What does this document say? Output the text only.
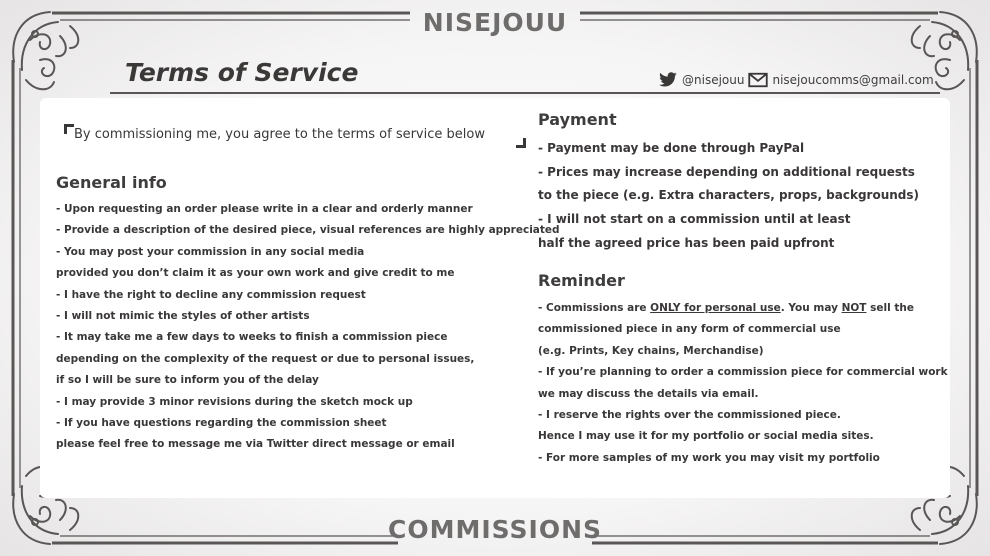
NISEJOUU
Terms of Service	@nisejouu nisejoucomms@gmail.com
By commissioning me, you agree to the terms of service below
General info
- Upon requesting an order please write in a clear and orderly manner
- Provide a description of the desired piece, visual references are highly appreciated
- You may post your commission in any social media
provided you don’t claim it as your own work and give credit to me
- I have the right to decline any commission request
- I will not mimic the styles of other artists
- It may take me a few days to weeks to finish a commission piece
depending on the complexity of the request or due to personal issues,
if so I will be sure to inform you of the delay
- I may provide 3 minor revisions during the sketch mock up
- If you have questions regarding the commission sheet
please feel free to message me via Twitter direct message or email
Payment
- Payment may be done through PayPal
- Prices may increase depending on additional requests
to the piece (e.g. Extra characters, props, backgrounds)
- I will not start on a commission until at least
half the agreed price has been paid upfront
Reminder
- Commissions are ONLY for personal use. You may NOT sell the
commissioned piece in any form of commercial use
(e.g. Prints, Key chains, Merchandise)
- If you’re planning to order a commission piece for commercial work
we may discuss the details via email.
- I reserve the rights over the commissioned piece.
Hence I may use it for my portfolio or social media sites.
- For more samples of my work you may visit my portfolio
COMMISSIONS
